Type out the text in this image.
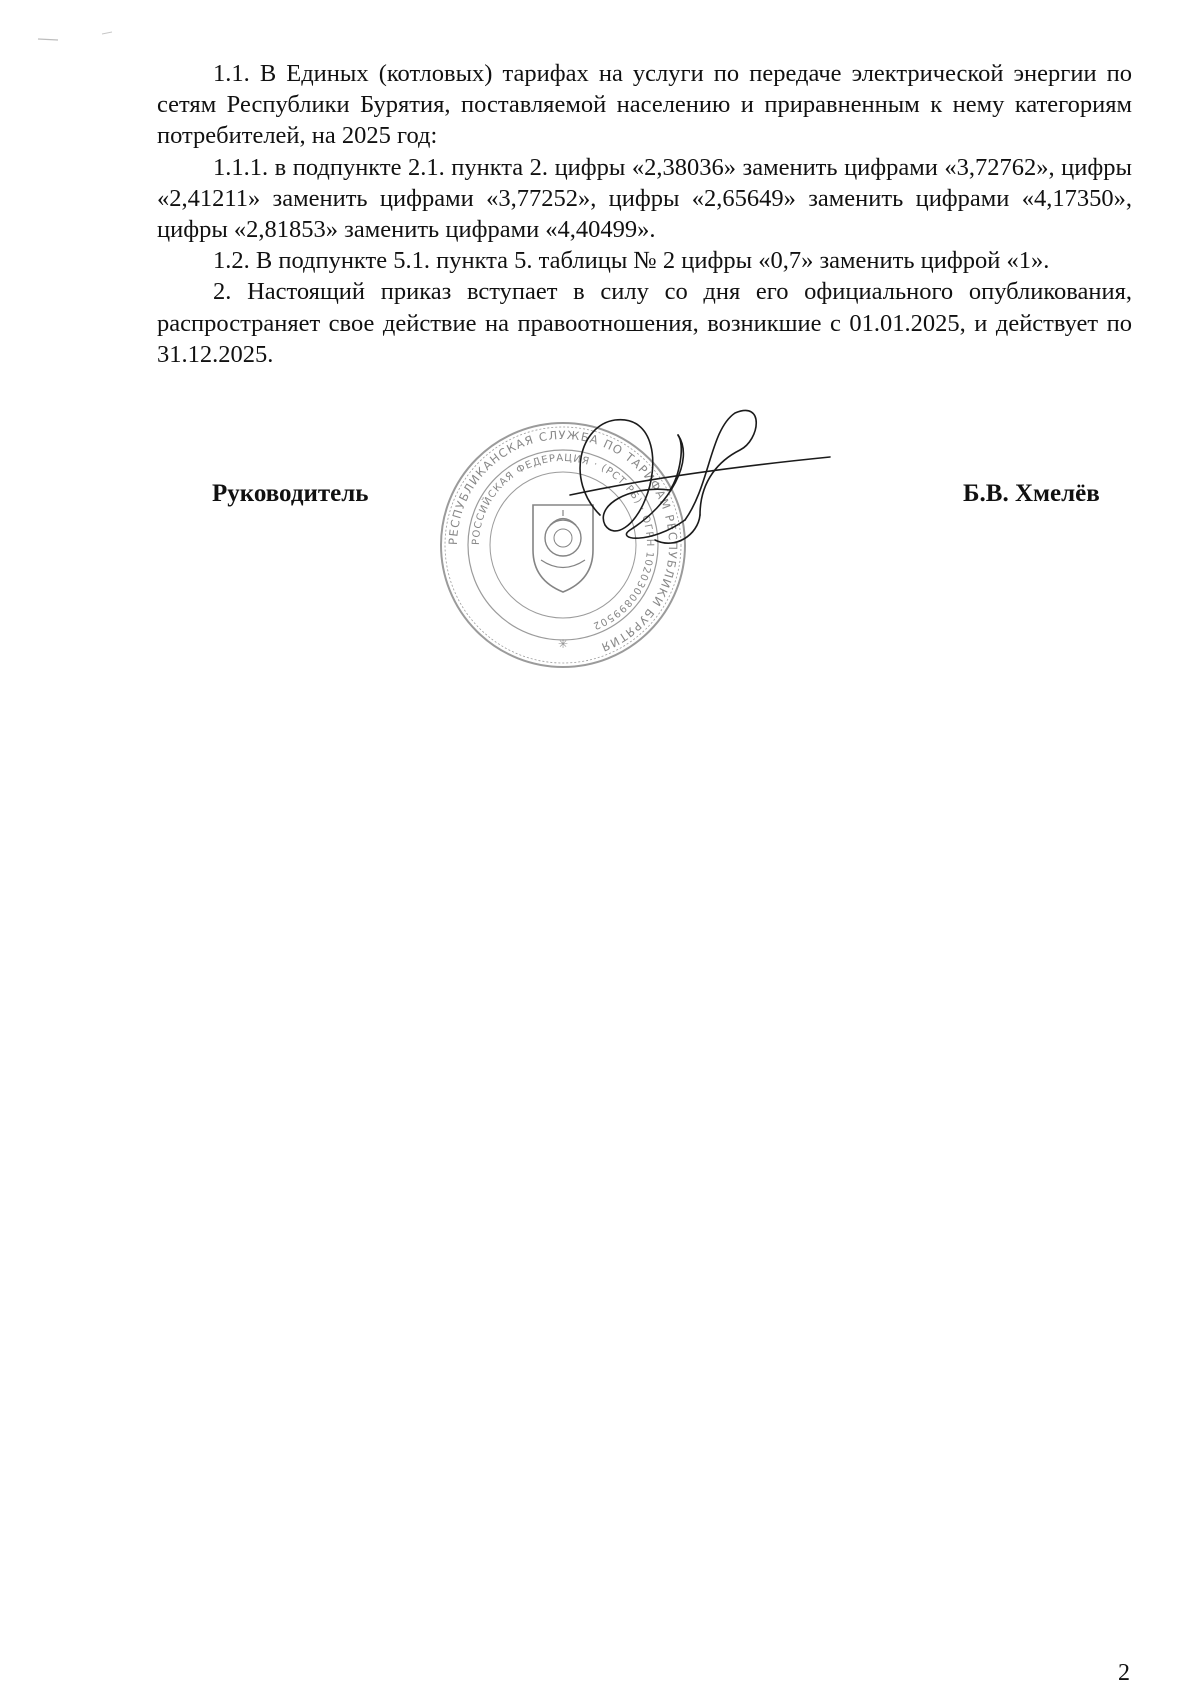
1.1. В Единых (котловых) тарифах на услуги по передаче электрической энергии по сетям Республики Бурятия, поставляемой населению и приравненным к нему категориям потребителей, на 2025 год:

1.1.1. в подпункте 2.1. пункта 2. цифры «2,38036» заменить цифрами «3,72762», цифры «2,41211» заменить цифрами «3,77252», цифры «2,65649» заменить цифрами «4,17350», цифры «2,81853» заменить цифрами «4,40499».

1.2. В подпункте 5.1. пункта 5. таблицы № 2 цифры «0,7» заменить цифрой «1».

2. Настоящий приказ вступает в силу со дня его официального опубликования, распространяет свое действие на правоотношения, возникшие с 01.01.2025, и действует по 31.12.2025.

Руководитель	Б.В. Хмелёв
РЕСПУБЛИКАНСКАЯ СЛУЖБА ПО ТАРИФАМ РЕСПУБЛИКИ БУРЯТИЯ
РОССИЙСКАЯ ФЕДЕРАЦИЯ · (РСТ РБ) · ОГРН 1020300899502
✳
2
